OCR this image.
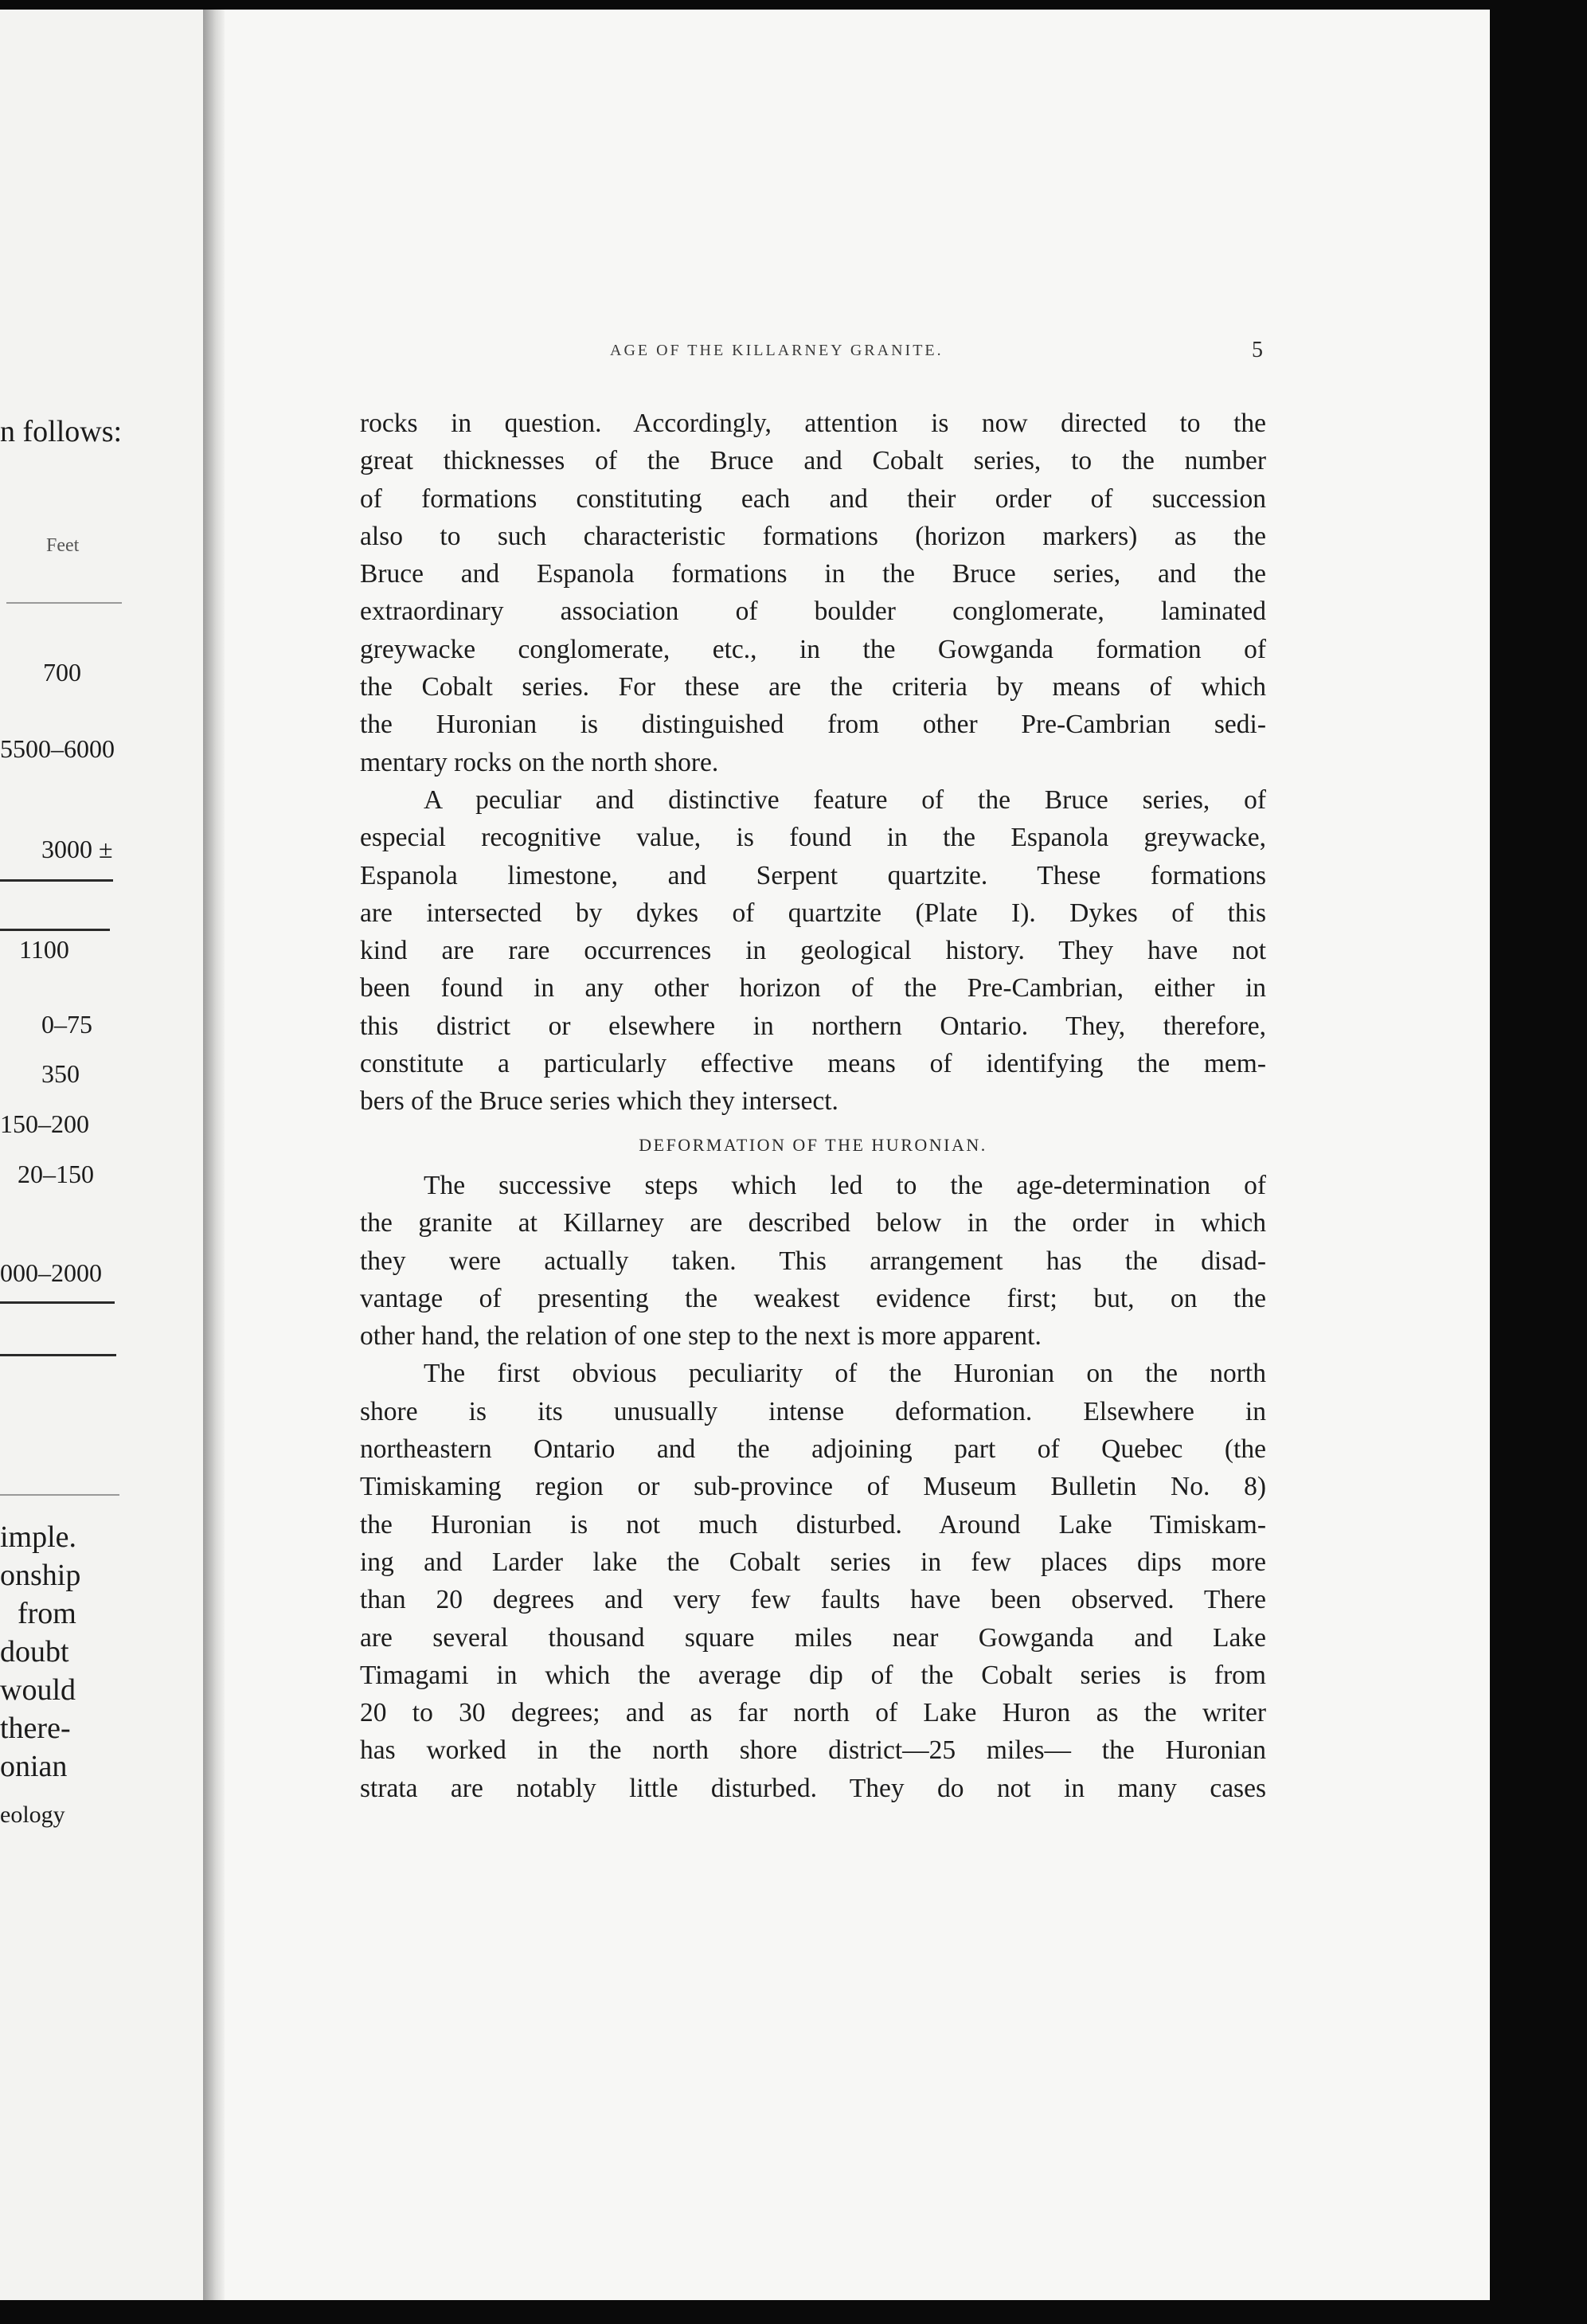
n follows:
Feet
700
5500–6000
3000 ±
1100
0–75
350
150–200
20–150
000–2000
imple.
onship
from
doubt
would
there-
onian
eology
AGE OF THE KILLARNEY GRANITE.	5
rocks in question. Accordingly, attention is now directed to the
great thicknesses of the Bruce and Cobalt series, to the number
of formations constituting each and their order of succession
also to such characteristic formations (horizon markers) as the
Bruce and Espanola formations in the Bruce series, and the
extraordinary association of boulder conglomerate, laminated
greywacke conglomerate, etc., in the Gowganda formation of
the Cobalt series. For these are the criteria by means of which
the Huronian is distinguished from other Pre-Cambrian sedi-
mentary rocks on the north shore.
A peculiar and distinctive feature of the Bruce series, of
especial recognitive value, is found in the Espanola greywacke,
Espanola limestone, and Serpent quartzite. These formations
are intersected by dykes of quartzite (Plate I). Dykes of this
kind are rare occurrences in geological history. They have not
been found in any other horizon of the Pre-Cambrian, either in
this district or elsewhere in northern Ontario. They, therefore,
constitute a particularly effective means of identifying the mem-
bers of the Bruce series which they intersect.
DEFORMATION OF THE HURONIAN.
The successive steps which led to the age-determination of
the granite at Killarney are described below in the order in which
they were actually taken. This arrangement has the disad-
vantage of presenting the weakest evidence first; but, on the
other hand, the relation of one step to the next is more apparent.
The first obvious peculiarity of the Huronian on the north
shore is its unusually intense deformation. Elsewhere in
northeastern Ontario and the adjoining part of Quebec (the
Timiskaming region or sub-province of Museum Bulletin No. 8)
the Huronian is not much disturbed. Around Lake Timiskam-
ing and Larder lake the Cobalt series in few places dips more
than 20 degrees and very few faults have been observed. There
are several thousand square miles near Gowganda and Lake
Timagami in which the average dip of the Cobalt series is from
20 to 30 degrees; and as far north of Lake Huron as the writer
has worked in the north shore district—25 miles— the Huronian
strata are notably little disturbed. They do not in many cases
